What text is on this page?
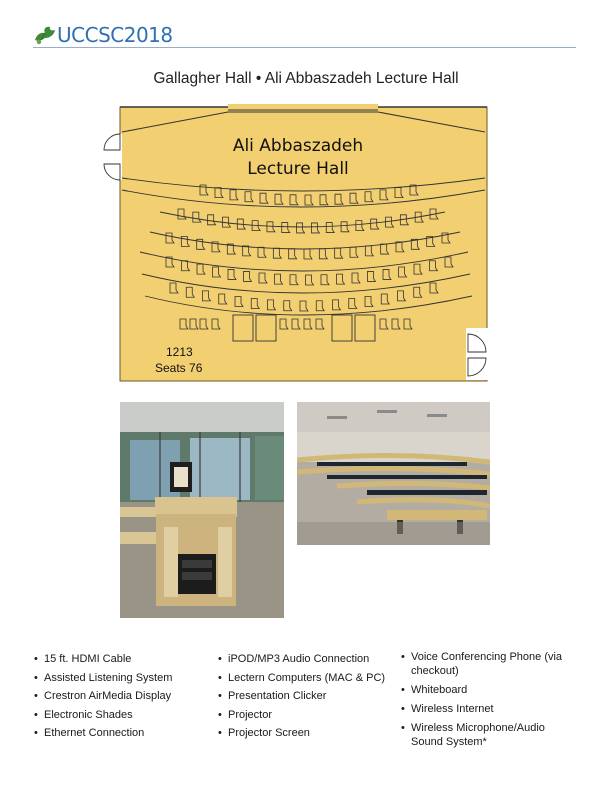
UCCSC2018
Gallagher Hall • Ali Abbaszadeh Lecture Hall
Ali Abbaszadeh
Lecture Hall
1213
Seats 76
• 15 ft. HDMI Cable
• Assisted Listening System
• Crestron AirMedia Display
• Electronic Shades
• Ethernet Connection
• iPOD/MP3 Audio Connection
• Lectern Computers (MAC & PC)
• Presentation Clicker
• Projector
• Projector Screen
• Voice Conferencing Phone (via checkout)
• Whiteboard
• Wireless Internet
• Wireless Microphone/Audio Sound System*
